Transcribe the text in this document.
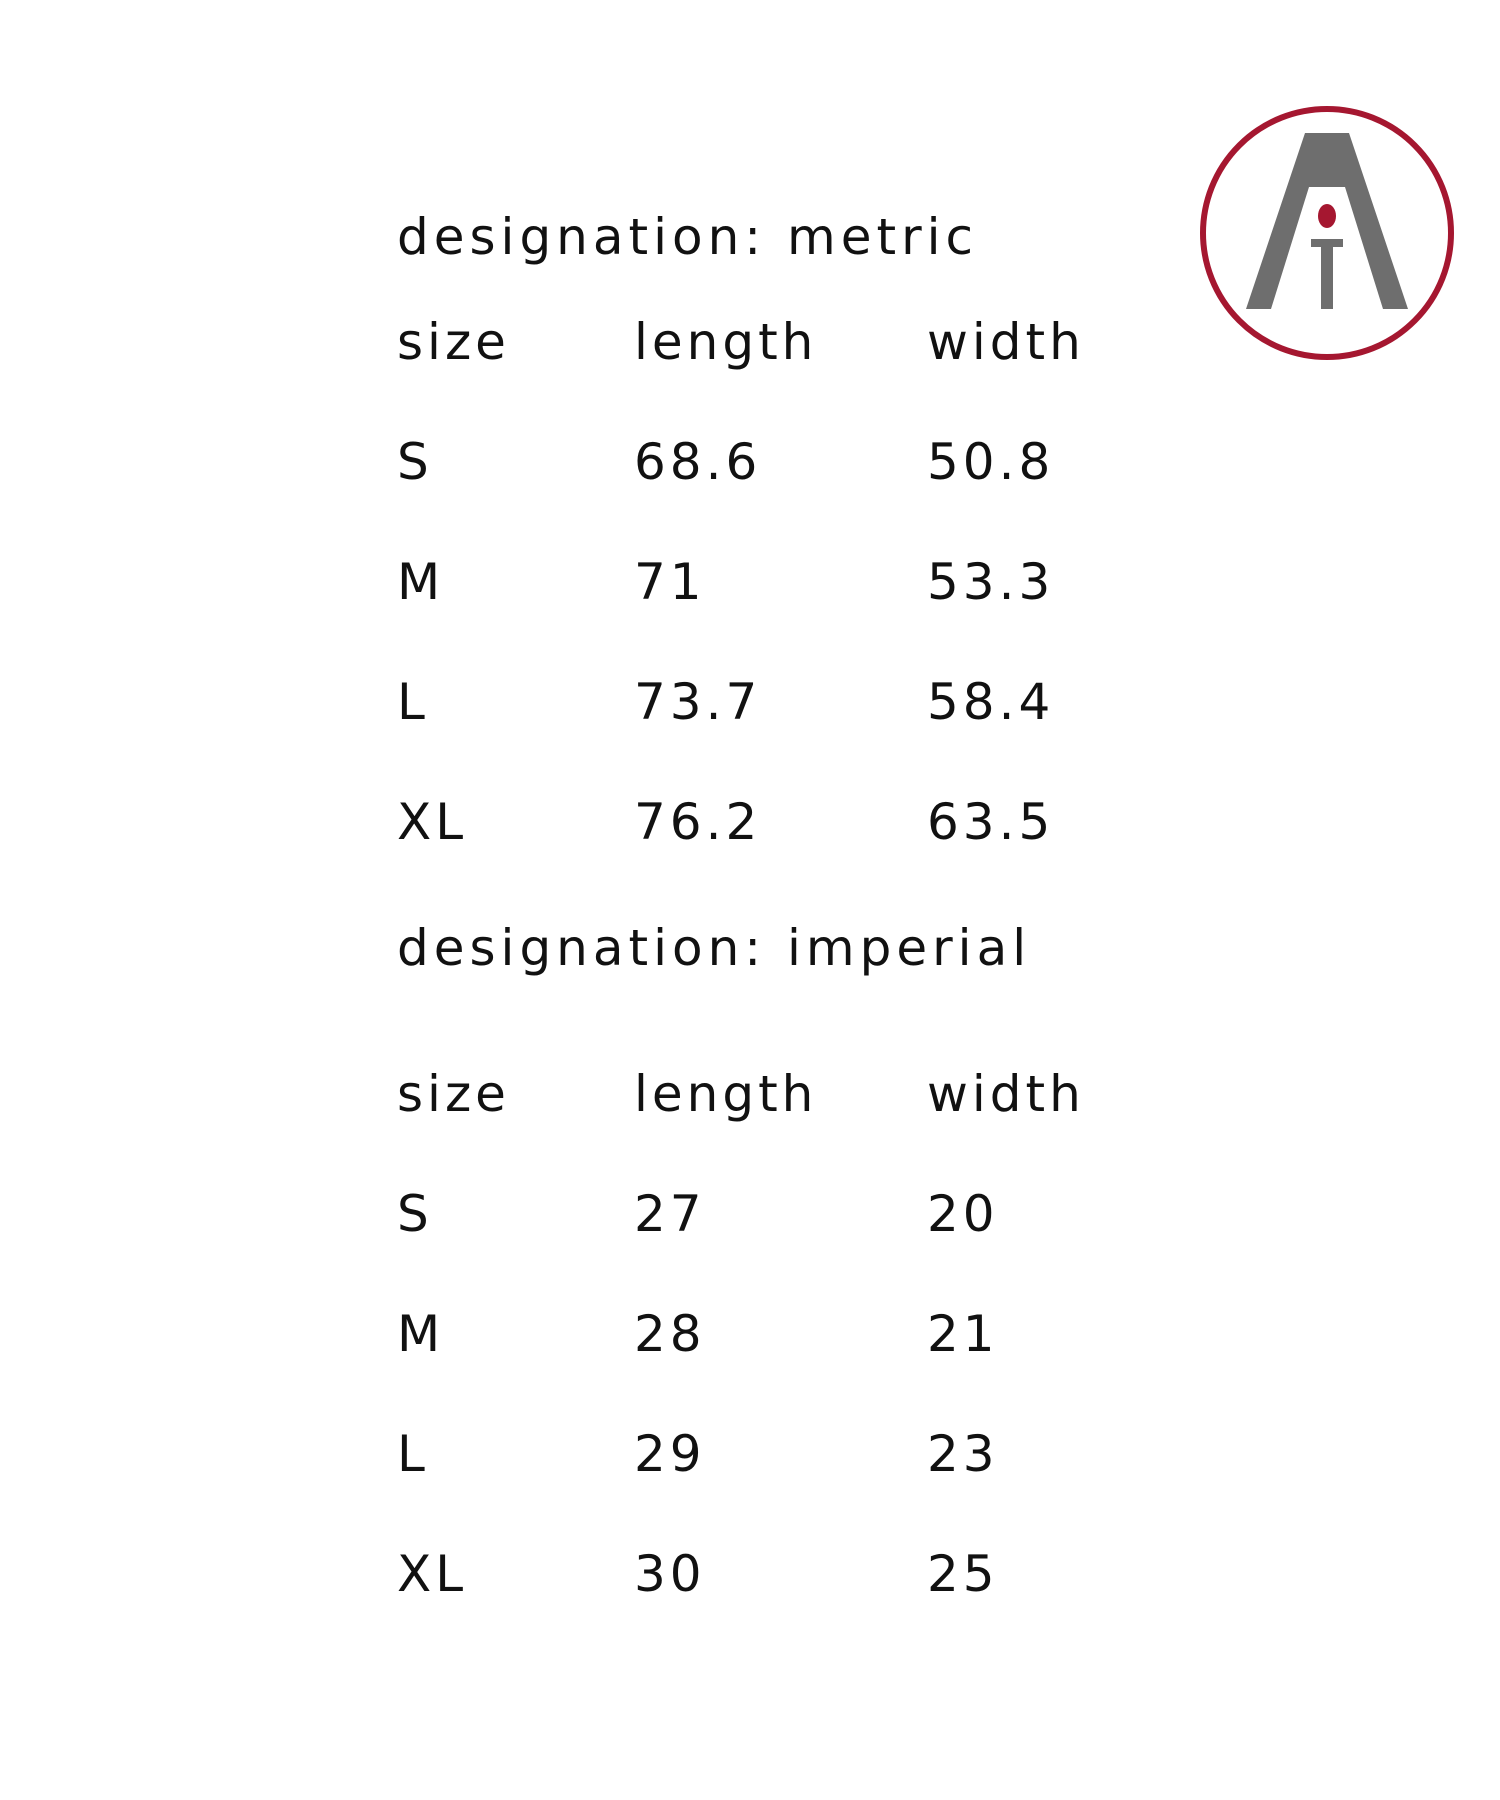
designation: metric
size length width
S	68.6	50.8
M	71	53.3
L	73.7	58.4
XL	76.2	63.5
designation: imperial
size length width
S	27	20
M	28	21
L	29	23
XL	30	25
